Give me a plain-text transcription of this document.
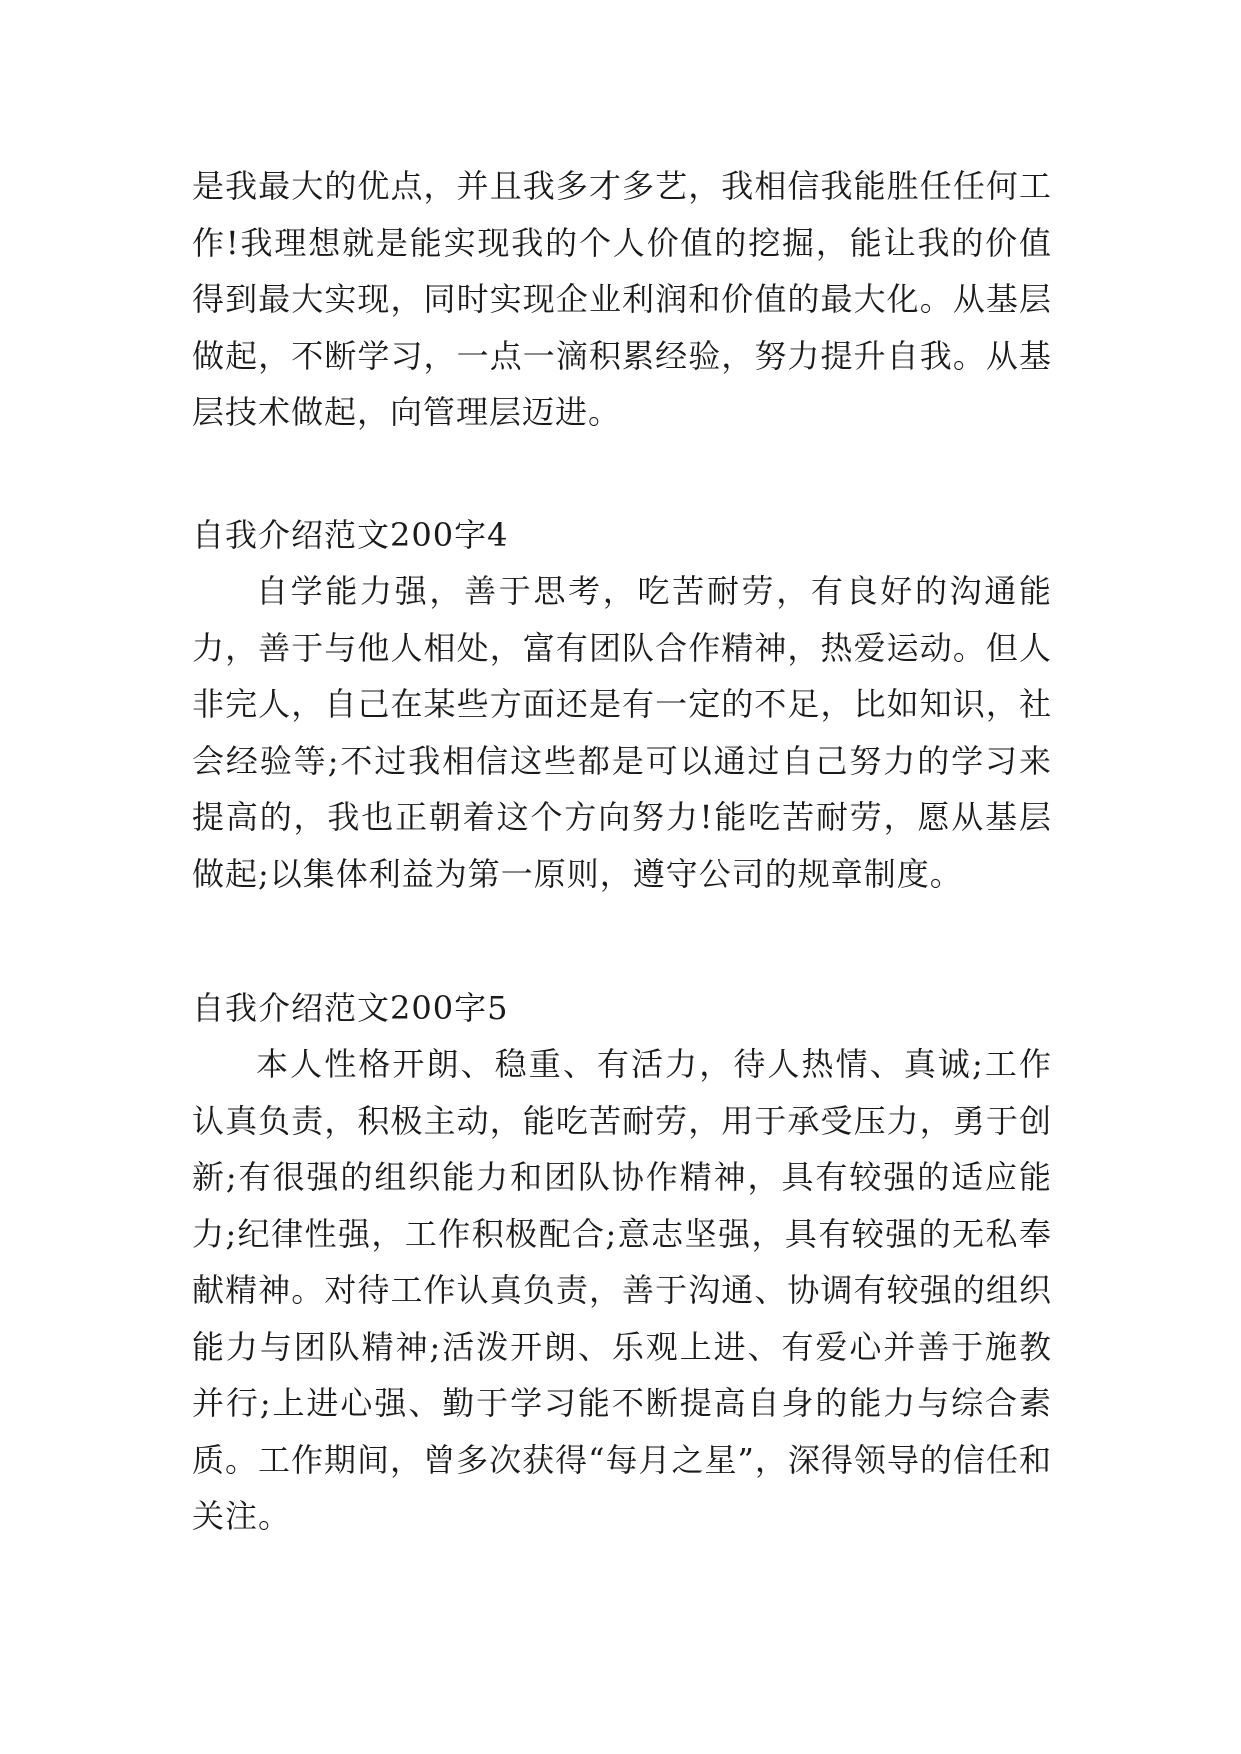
是我最大的优点，并且我多才多艺，我相信我能胜任任何工作!我理想就是能实现我的个人价值的挖掘，能让我的价值得到最大实现，同时实现企业利润和价值的最大化。从基层做起，不断学习，一点一滴积累经验，努力提升自我。从基层技术做起，向管理层迈进。

自我介绍范文200字4

自学能力强，善于思考，吃苦耐劳，有良好的沟通能力，善于与他人相处，富有团队合作精神，热爱运动。但人非完人，自己在某些方面还是有一定的不足，比如知识，社会经验等;不过我相信这些都是可以通过自己努力的学习来提高的，我也正朝着这个方向努力!能吃苦耐劳，愿从基层做起;以集体利益为第一原则，遵守公司的规章制度。

自我介绍范文200字5

本人性格开朗、稳重、有活力，待人热情、真诚;工作认真负责，积极主动，能吃苦耐劳，用于承受压力，勇于创新;有很强的组织能力和团队协作精神，具有较强的适应能力;纪律性强，工作积极配合;意志坚强，具有较强的无私奉献精神。对待工作认真负责，善于沟通、协调有较强的组织能力与团队精神;活泼开朗、乐观上进、有爱心并善于施教并行;上进心强、勤于学习能不断提高自身的能力与综合素质。工作期间，曾多次获得“每月之星”，深得领导的信任和关注。
